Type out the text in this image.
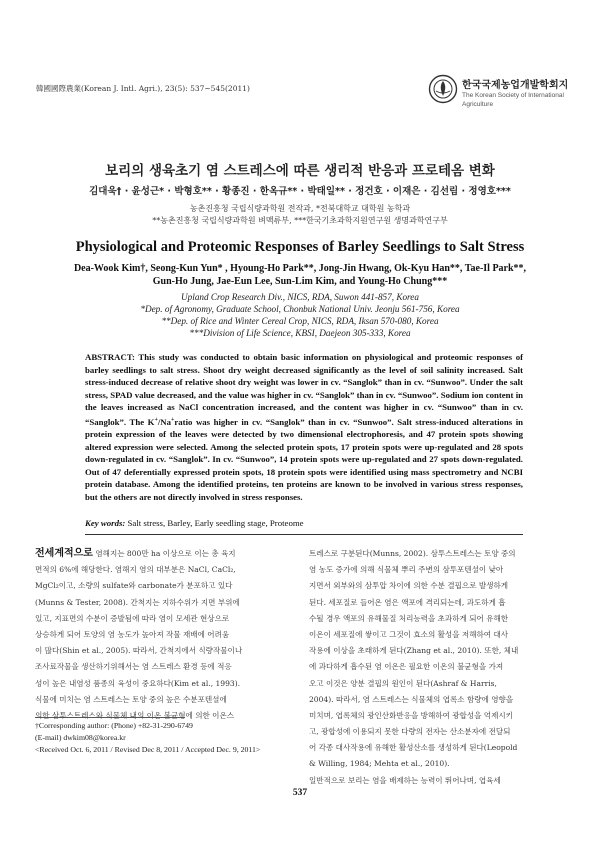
韓國國際農業(Korean J. Intl. Agri.), 23(5): 537~545(2011)	한국국제농업개발학회지
The Korean Society of International Agriculture
보리의 생육초기 염 스트레스에 따른 생리적 반응과 프로테옴 변화
김대욱† · 윤성근* · 박형호** · 황종진 · 한옥규** · 박태일** · 정건호 · 이재은 · 김선림 · 정영호***
농촌진흥청 국립식량과학원 전작과, *전북대학교 대학원 농학과
**농촌진흥청 국립식량과학원 벼맥류부, ***한국기초과학지원연구원 생명과학연구부
Physiological and Proteomic Responses of Barley Seedlings to Salt Stress
Dea-Wook Kim†, Seong-Kun Yun* , Hyoung-Ho Park**, Jong-Jin Hwang, Ok-Kyu Han**, Tae-Il Park**,
Gun-Ho Jung, Jae-Eun Lee, Sun-Lim Kim, and Young-Ho Chung***
Upland Crop Research Div., NICS, RDA, Suwon 441-857, Korea
*Dep. of Agronomy, Graduate School, Chonbuk National Univ. Jeonju 561-756, Korea
**Dep. of Rice and Winter Cereal Crop, NICS, RDA, Iksan 570-080, Korea
***Division of Life Science, KBSI, Daejeon 305-333, Korea
ABSTRACT: This study was conducted to obtain basic information on physiological and proteomic responses of barley seedlings to salt stress. Shoot dry weight decreased significantly as the level of soil salinity increased. Salt stress-induced decrease of relative shoot dry weight was lower in cv. “Sanglok” than in cv. “Sunwoo”. Under the salt stress, SPAD value decreased, and the value was higher in cv. “Sanglok” than in cv. “Sunwoo”. Sodium ion content in the leaves increased as NaCl concentration increased, and the content was higher in cv. “Sunwoo” than in cv. “Sanglok”. The K+/Na+ratio was higher in cv. “Sanglok” than in cv. “Sunwoo”. Salt stress-induced alterations in protein expression of the leaves were detected by two dimensional electrophoresis, and 47 protein spots showing altered expression were selected. Among the selected protein spots, 17 protein spots were up-regulated and 28 spots down-regulated in cv. “Sanglok”. In cv. “Sunwoo”, 14 protein spots were up-regulated and 27 spots down-regulated. Out of 47 deferentially expressed protein spots, 18 protein spots were identified using mass spectrometry and NCBI protein database. Among the identified proteins, ten proteins are known to be involved in various stress responses, but the others are not directly involved in stress responses.
Key words: Salt stress, Barley, Early seedling stage, Proteome
전세계적으로 염해지는 800만 ha 이상으로 이는 총 육지
면적의 6%에 해당한다. 염해지 염의 대부분은 NaCl, CaCl₂,
MgCl₂이고, 소량의 sulfate와 carbonate가 분포하고 있다
(Munns & Tester, 2008). 간척지는 지하수위가 지면 부위에
있고, 지표면의 수분이 증발됨에 따라 염이 모세관 현상으로
상승하게 되어 토양의 염 농도가 높아져 작물 재배에 어려움
이 많다(Shin et al., 2005). 따라서, 간척지에서 식량작물이나
조사료작물을 생산하기위해서는 염 스트레스 환경 등에 적응
성이 높은 내염성 품종의 육성이 중요하다(Kim et al., 1993).
식물에 미치는 염 스트레스는 토양 중의 높은 수분포텐셜에
의한 삼투스트레스와 식물체 내의 이온 불균형에 의한 이온스
†Corresponding author: (Phone) +82-31-290-6749
(E-mail) dwkim08@korea.kr
<Received Oct. 6, 2011 / Revised Dec 8, 2011 / Accepted Dec. 9, 2011>
트레스로 구분된다(Munns, 2002). 삼투스트레스는 토양 중의
염 농도 증가에 의해 식물체 뿌리 주변의 삼투포텐셜이 낮아
지면서 외부와의 삼투압 차이에 의한 수분 결핍으로 발생하게
된다. 세포질로 들어온 염은 액포에 격리되는데, 과도하게 흡
수될 경우 액포의 유해물질 처리능력을 초과하게 되어 유해한
이온이 세포질에 쌓이고 그것이 효소의 활성을 저해하여 대사
작용에 이상을 초래하게 된다(Zhang et al., 2010). 또한, 체내
에 과다하게 흡수된 염 이온은 필요한 이온의 불균형을 가져
오고 이것은 양분 결핍의 원인이 된다(Ashraf & Harris,
2004). 따라서, 염 스트레스는 식물체의 엽록소 함량에 영향을
미치며, 엽록체의 광인산화반응을 방해하여 광합성을 억제시키
고, 광합성에 이용되지 못한 다량의 전자는 산소분자에 전달되
어 각종 대사작용에 유해한 활성산소를 생성하게 된다(Leopold
& Willing, 1984; Mehta et al., 2010).
일반적으로 보리는 염을 배제하는 능력이 뛰어나며, 엽육세
537
